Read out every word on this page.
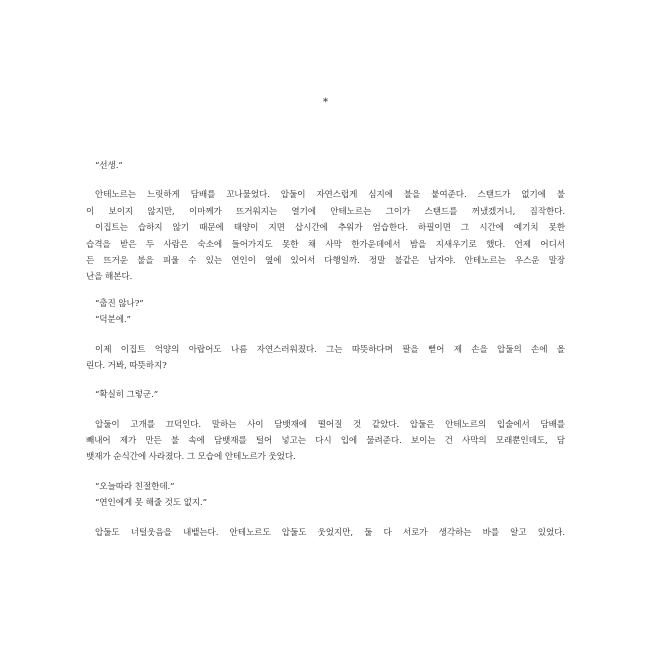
*
“선생.”
안테노르는 느릿하게 담배를 꼬나물었다. 압둘이 자연스럽게 심지에 불을 붙여준다. 스탠드가 없기에 불
이 보이지 않지만, 이마께가 뜨거워지는 열기에 안테노르는 그이가 스탠드를 꺼냈겠거니, 짐작한다.
이집트는 습하지 않기 때문에 태양이 지면 삽시간에 추워가 엄습한다. 하필이면 그 시간에 예기치 못한
습격을 받은 두 사람은 숙소에 들어가지도 못한 채 사막 한가운데에서 밤을 지새우기로 했다. 언제 어디서
든 뜨거운 불을 피울 수 있는 연인이 옆에 있어서 다행일까. 정말 불같은 남자야. 안테노르는 우스운 말장
난을 해본다.
“춥진 않나?”
“덕분에.”
이제 이집트 억양의 아랍어도 나름 자연스러워졌다. 그는 따뜻하다며 팔을 뻗어 제 손을 압둘의 손에 올
린다. 거봐, 따뜻하지?
“확실히 그렇군.”
압둘이 고개를 끄덕인다. 말하는 사이 담뱃재에 떨어질 것 같았다. 압둘은 안테노르의 입술에서 담배를
빼내어 제가 만든 불 속에 담뱃재를 털어 넣고는 다시 입에 물려준다. 보이는 건 사막의 모래뿐인데도, 담
뱃재가 순식간에 사라졌다. 그 모습에 안테노르가 웃었다.
“오늘따라 친절한데.”
“연인에게 못 해줄 것도 없지.”
압둘도 너털웃음을 내뱉는다. 안테노르도 압둘도 웃었지만, 둘 다 서로가 생각하는 바를 알고 있었다.
